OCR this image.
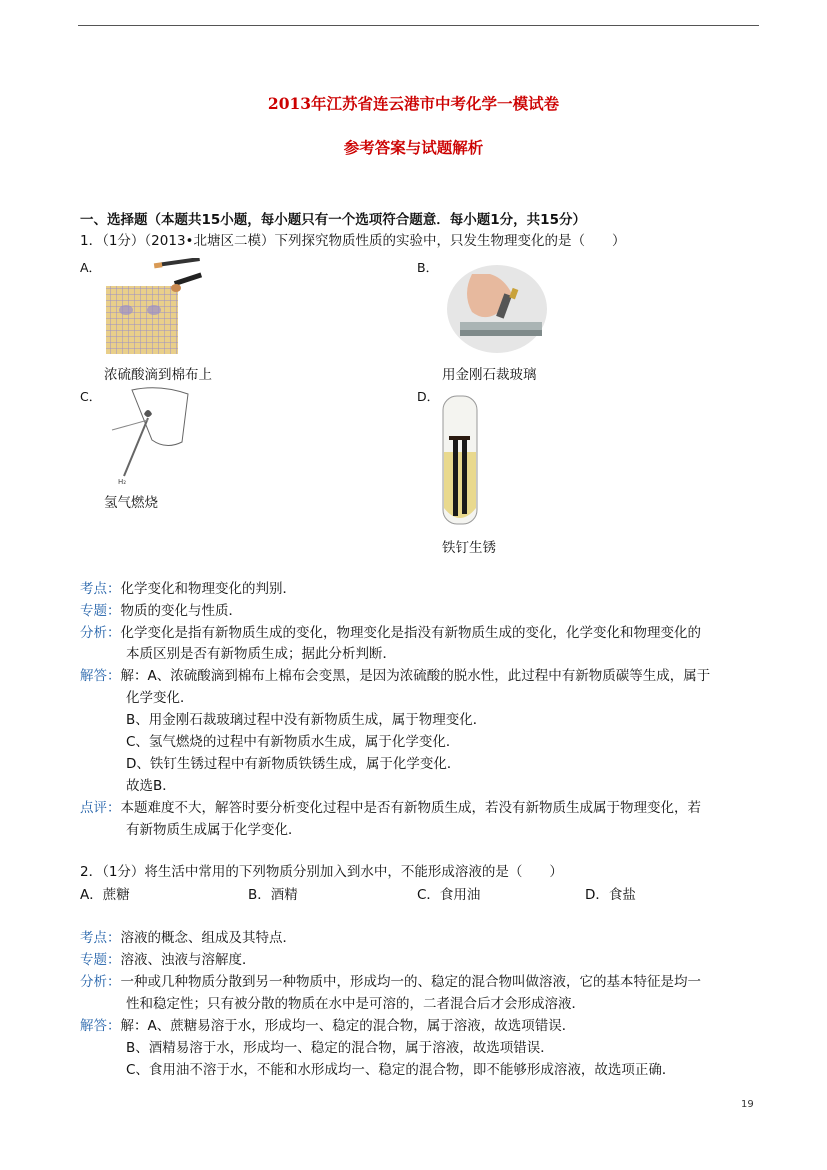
2013年江苏省连云港市中考化学一模试卷
参考答案与试题解析
一、选择题（本题共15小题，每小题只有一个选项符合题意．每小题1分，共15分）
1．（1分）（2013•北塘区二模）下列探究物质性质的实验中，只发生物理变化的是（　　）
A．	B．
浓硫酸滴到棉布上	用金刚石裁玻璃
C．	D．
H₂
氢气燃烧
铁钉生锈
考点：化学变化和物理变化的判别．
专题：物质的变化与性质．
分析：化学变化是指有新物质生成的变化，物理变化是指没有新物质生成的变化，化学变化和物理变化的
本质区别是否有新物质生成；据此分析判断．
解答：解：A、浓硫酸滴到棉布上棉布会变黑，是因为浓硫酸的脱水性，此过程中有新物质碳等生成，属于
化学变化．
B、用金刚石裁玻璃过程中没有新物质生成，属于物理变化．
C、氢气燃烧的过程中有新物质水生成，属于化学变化．
D、铁钉生锈过程中有新物质铁锈生成，属于化学变化．
故选B．
点评：本题难度不大，解答时要分析变化过程中是否有新物质生成，若没有新物质生成属于物理变化，若
有新物质生成属于化学变化．
2．（1分）将生活中常用的下列物质分别加入到水中，不能形成溶液的是（　　）
A．蔗糖	B．酒精	C．食用油	D．食盐
考点：溶液的概念、组成及其特点．
专题：溶液、浊液与溶解度．
分析：一种或几种物质分散到另一种物质中，形成均一的、稳定的混合物叫做溶液，它的基本特征是均一
性和稳定性；只有被分散的物质在水中是可溶的，二者混合后才会形成溶液．
解答：解：A、蔗糖易溶于水，形成均一、稳定的混合物，属于溶液，故选项错误．
B、酒精易溶于水，形成均一、稳定的混合物，属于溶液，故选项错误．
C、食用油不溶于水，不能和水形成均一、稳定的混合物，即不能够形成溶液，故选项正确．
19
